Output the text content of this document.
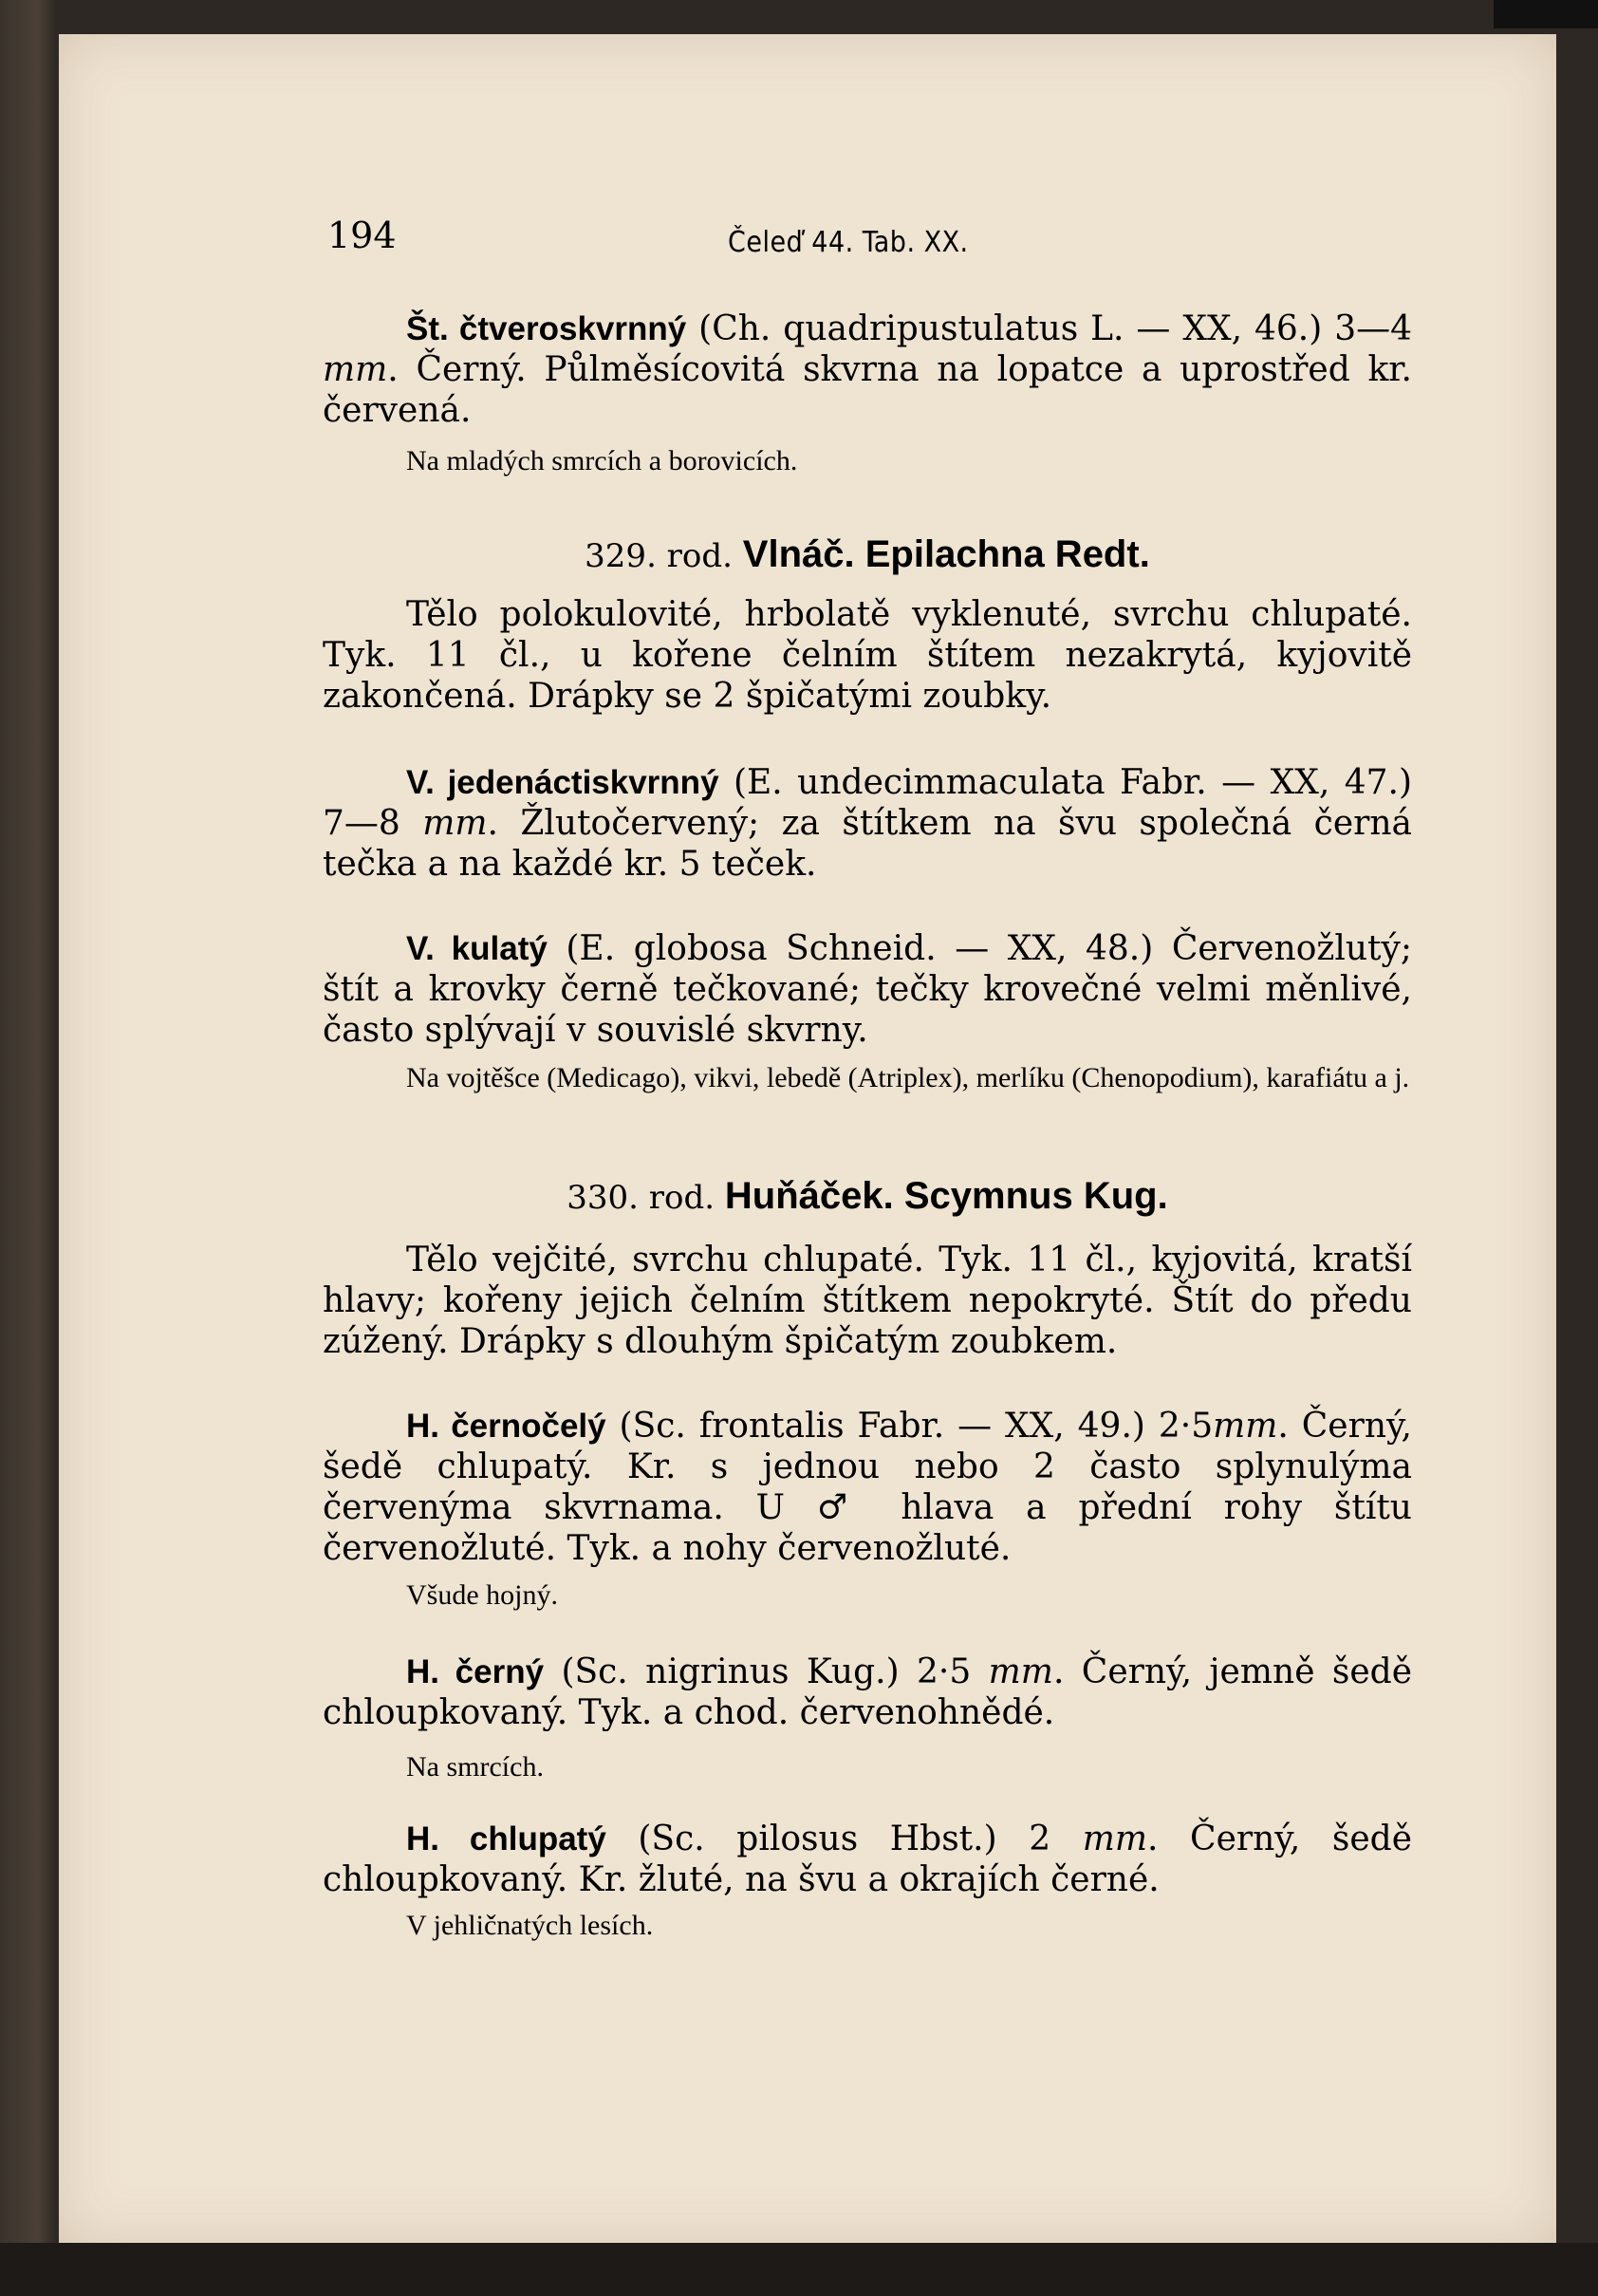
194	Čeleď 44. Tab. XX.
Št. čtveroskvrnný (Ch. quadripustulatus L. — XX, 46.) 3—4 mm. Černý. Půlměsícovitá skvrna na lopatce a uprostřed kr. červená.
Na mladých smrcích a borovicích.
329. rod. Vlnáč. Epilachna Redt.
Tělo polokulovité, hrbolatě vyklenuté, svrchu chlupaté. Tyk. 11 čl., u kořene čelním štítem nezakrytá, kyjovitě zakončená. Drápky se 2 špičatými zoubky.
V. jedenáctiskvrnný (E. undecimmaculata Fabr. — XX, 47.) 7—8 mm. Žlutočervený; za štítkem na švu společná černá tečka a na každé kr. 5 teček.
V. kulatý (E. globosa Schneid. — XX, 48.) Červenožlutý; štít a krovky černě tečkované; tečky krovečné velmi měnlivé, často splývají v souvislé skvrny.
Na vojtěšce (Medicago), vikvi, lebedě (Atriplex), merlíku (Chenopodium), karafiátu a j.
330. rod. Huňáček. Scymnus Kug.
Tělo vejčité, svrchu chlupaté. Tyk. 11 čl., kyjovitá, kratší hlavy; kořeny jejich čelním štítkem nepokryté. Štít do předu zúžený. Drápky s dlouhým špičatým zoubkem.
H. černočelý (Sc. frontalis Fabr. — XX, 49.) 2·5mm. Černý, šedě chlupatý. Kr. s jednou nebo 2 často splynulýma červenýma skvrnama. U ♂ hlava a přední rohy štítu červenožluté. Tyk. a nohy červenožluté.
Všude hojný.
H. černý (Sc. nigrinus Kug.) 2·5 mm. Černý, jemně šedě chloupkovaný. Tyk. a chod. červenohnědé.
Na smrcích.
H. chlupatý (Sc. pilosus Hbst.) 2 mm. Černý, šedě chloupkovaný. Kr. žluté, na švu a okrajích černé.
V jehličnatých lesích.
